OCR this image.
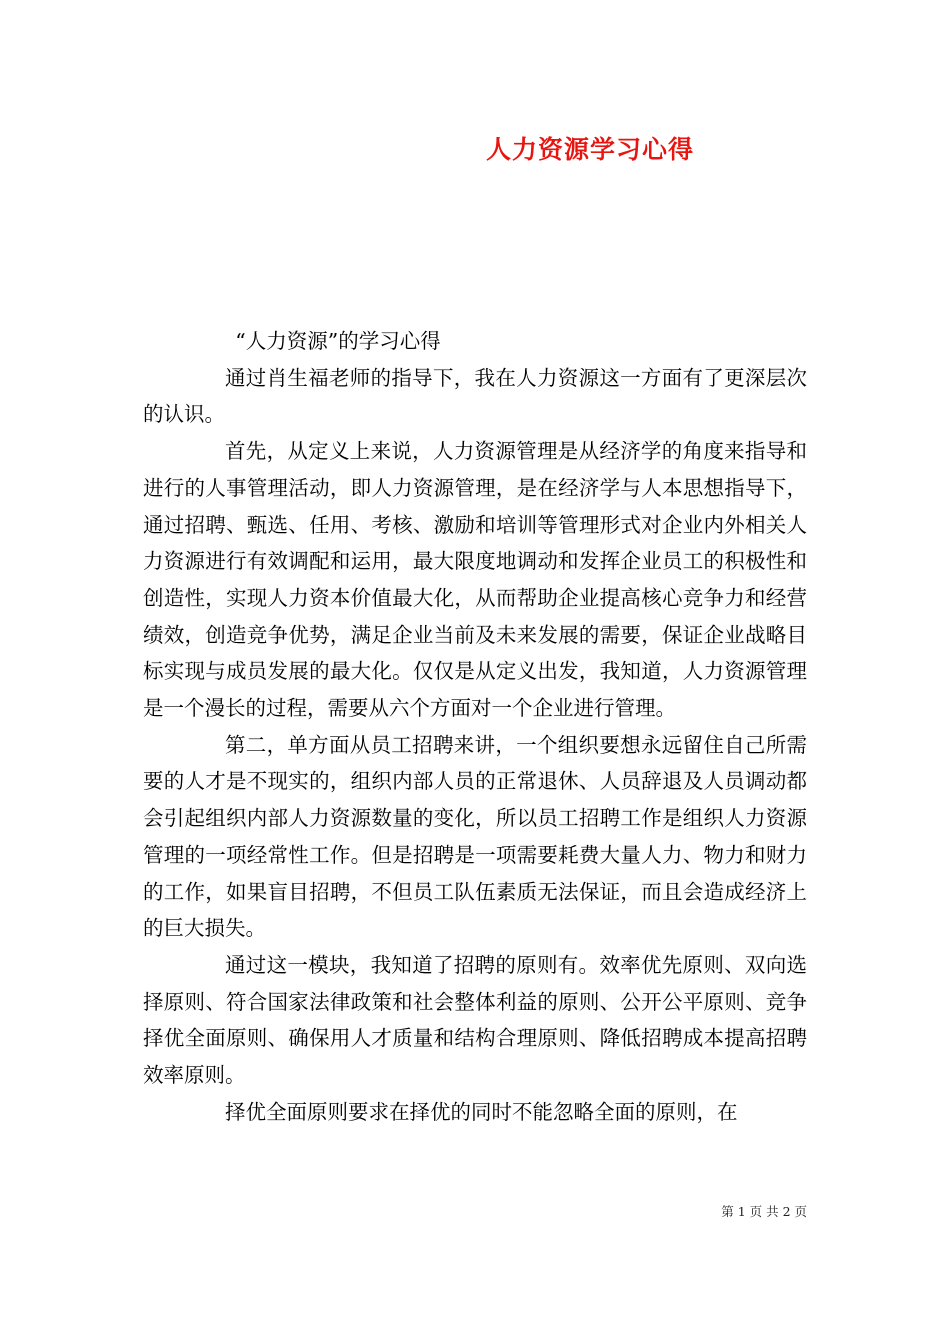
人力资源学习心得

“人力资源”的学习心得

通过肖生福老师的指导下，我在人力资源这一方面有了更深层次的认识。

首先，从定义上来说，人力资源管理是从经济学的角度来指导和进行的人事管理活动，即人力资源管理，是在经济学与人本思想指导下，通过招聘、甄选、任用、考核、激励和培训等管理形式对企业内外相关人力资源进行有效调配和运用，最大限度地调动和发挥企业员工的积极性和创造性，实现人力资本价值最大化，从而帮助企业提高核心竞争力和经营绩效，创造竞争优势，满足企业当前及未来发展的需要，保证企业战略目标实现与成员发展的最大化。仅仅是从定义出发，我知道，人力资源管理是一个漫长的过程，需要从六个方面对一个企业进行管理。

第二，单方面从员工招聘来讲，一个组织要想永远留住自己所需要的人才是不现实的，组织内部人员的正常退休、人员辞退及人员调动都会引起组织内部人力资源数量的变化，所以员工招聘工作是组织人力资源管理的一项经常性工作。但是招聘是一项需要耗费大量人力、物力和财力的工作，如果盲目招聘，不但员工队伍素质无法保证，而且会造成经济上的巨大损失。

通过这一模块，我知道了招聘的原则有。效率优先原则、双向选择原则、符合国家法律政策和社会整体利益的原则、公开公平原则、竞争择优全面原则、确保用人才质量和结构合理原则、降低招聘成本提高招聘效率原则。

择优全面原则要求在择优的同时不能忽略全面的原则，在

第 1 页 共 2 页
